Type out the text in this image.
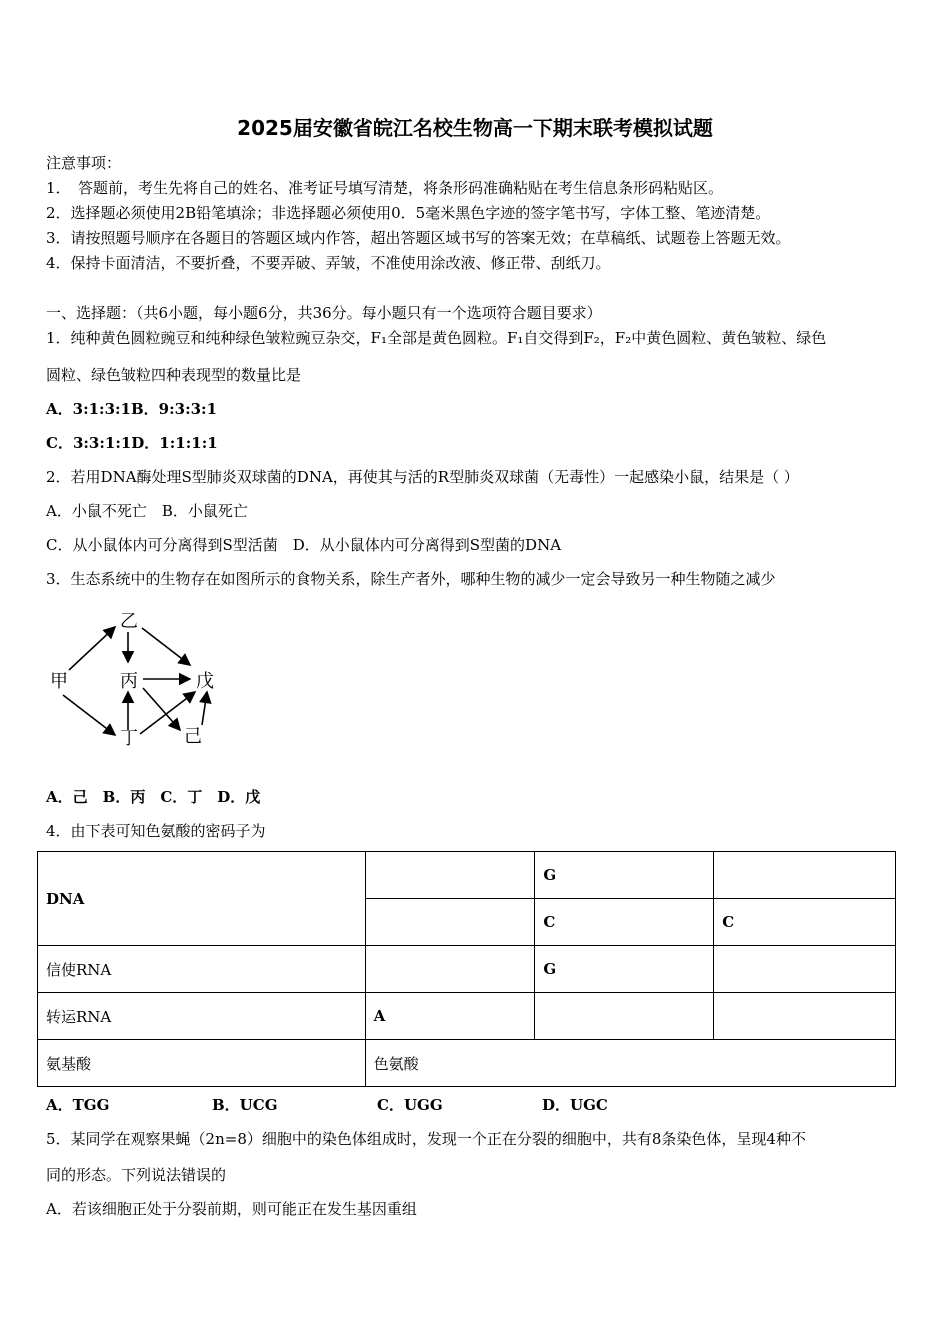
2025届安徽省皖江名校生物高一下期末联考模拟试题
注意事项：
1．　答题前，考生先将自己的姓名、准考证号填写清楚，将条形码准确粘贴在考生信息条形码粘贴区。
2．选择题必须使用2B铅笔填涂；非选择题必须使用0．5毫米黑色字迹的签字笔书写，字体工整、笔迹清楚。
3．请按照题号顺序在各题目的答题区域内作答，超出答题区域书写的答案无效；在草稿纸、试题卷上答题无效。
4．保持卡面清洁，不要折叠，不要弄破、弄皱，不准使用涂改液、修正带、刮纸刀。
一、选择题：（共6小题，每小题6分，共36分。每小题只有一个选项符合题目要求）
1．纯种黄色圆粒豌豆和纯种绿色皱粒豌豆杂交，F₁全部是黄色圆粒。F₁自交得到F₂，F₂中黄色圆粒、黄色皱粒、绿色
圆粒、绿色皱粒四种表现型的数量比是
A．3:1:3:1B．9:3:3:1
C．3:3:1:1D．1:1:1:1
2．若用DNA酶处理S型肺炎双球菌的DNA，再使其与活的R型肺炎双球菌（无毒性）一起感染小鼠，结果是（ ）
A．小鼠不死亡　B．小鼠死亡
C．从小鼠体内可分离得到S型活菌　D．从小鼠体内可分离得到S型菌的DNA
3．生态系统中的生物存在如图所示的食物关系，除生产者外，哪种生物的减少一定会导致另一种生物随之减少
甲
乙
丙	戊
丁	己
A．己　B．丙　C．丁　D．戊
4．由下表可知色氨酸的密码子为
DNA		G	
		C	C
信使RNA		G	
转运RNA	A		
氨基酸	色氨酸		
A．TGG	B．UCG	C．UGG	D．UGC
5．某同学在观察果蝇（2n=8）细胞中的染色体组成时，发现一个正在分裂的细胞中，共有8条染色体，呈现4种不
同的形态。下列说法错误的
A．若该细胞正处于分裂前期，则可能正在发生基因重组
